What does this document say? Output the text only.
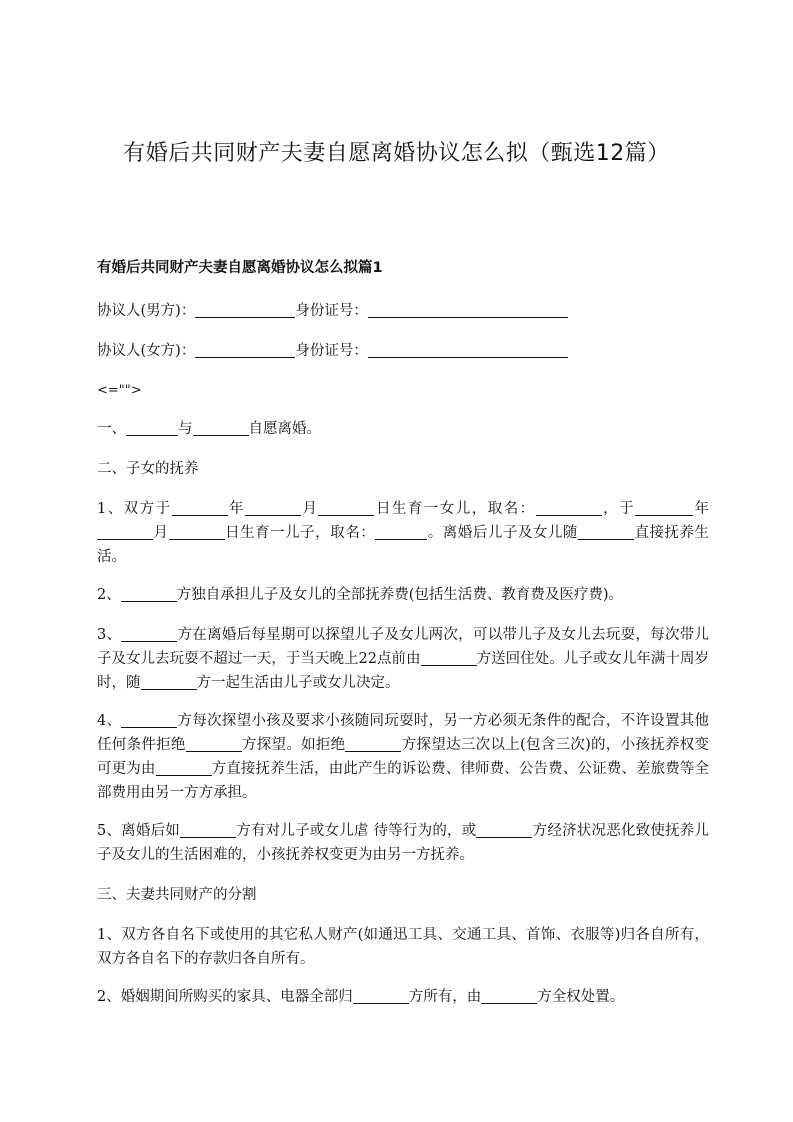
有婚后共同财产夫妻自愿离婚协议怎么拟（甄选12篇）
有婚后共同财产夫妻自愿离婚协议怎么拟篇1

协议人(男方)：	身份证号：

协议人(女方)：	身份证号：

<="">

一、	与	自愿离婚。

二、子女的抚养

1、双方于	年	月	日生育一女儿，取名：	，于	年月	日生育一儿子，取名：	。离婚后儿子及女儿随	直接抚养生活。

2、	方独自承担儿子及女儿的全部抚养费(包括生活费、教育费及医疗费)。

3、	方在离婚后每星期可以探望儿子及女儿两次，可以带儿子及女儿去玩耍，每次带儿子及女儿去玩耍不超过一天，于当天晚上22点前由	方送回住处。儿子或女儿年满十周岁时，随	方一起生活由儿子或女儿决定。

4、	方每次探望小孩及要求小孩随同玩耍时，另一方必须无条件的配合，不许设置其他任何条件拒绝	方探望。如拒绝	方探望达三次以上(包含三次)的，小孩抚养权变可更为由	方直接抚养生活，由此产生的诉讼费、律师费、公告费、公证费、差旅费等全部费用由另一方方承担。

5、离婚后如	方有对儿子或女儿虐 待等行为的，或	方经济状况恶化致使抚养儿子及女儿的生活困难的，小孩抚养权变更为由另一方抚养。

三、夫妻共同财产的分割

1、双方各自名下或使用的其它私人财产(如通迅工具、交通工具、首饰、衣服等)归各自所有，双方各自名下的存款归各自所有。

2、婚姻期间所购买的家具、电器全部归	方所有，由	方全权处置。
